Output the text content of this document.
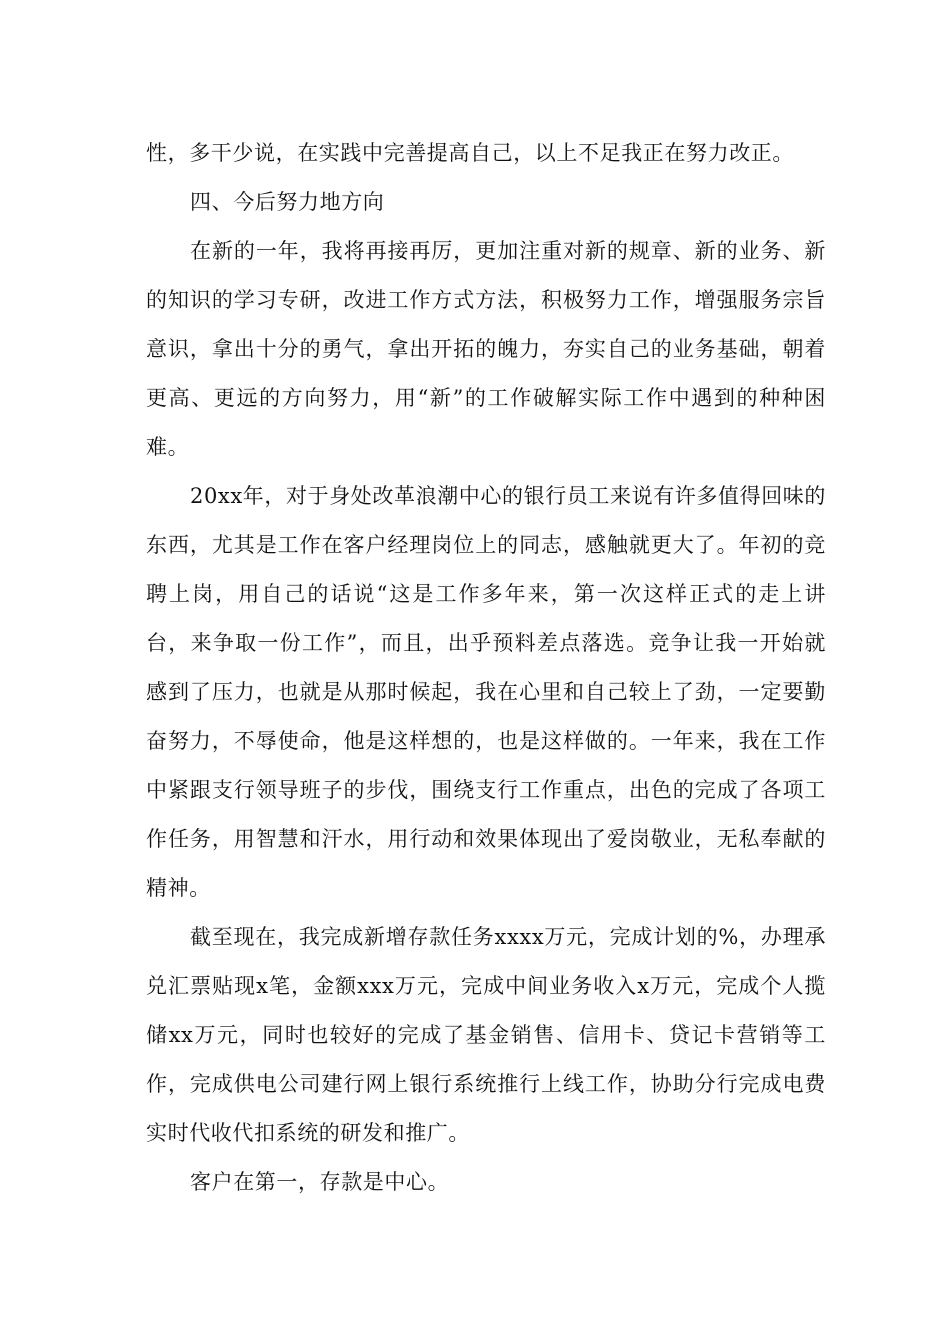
性，多干少说，在实践中完善提高自己，以上不足我正在努力改正。

四、今后努力地方向

在新的一年，我将再接再厉，更加注重对新的规章、新的业务、新的知识的学习专研，改进工作方式方法，积极努力工作，增强服务宗旨意识，拿出十分的勇气，拿出开拓的魄力，夯实自己的业务基础，朝着更高、更远的方向努力，用“新”的工作破解实际工作中遇到的种种困难。

20xx年，对于身处改革浪潮中心的银行员工来说有许多值得回味的东西，尤其是工作在客户经理岗位上的同志，感触就更大了。年初的竞聘上岗，用自己的话说“这是工作多年来，第一次这样正式的走上讲台，来争取一份工作”，而且，出乎预料差点落选。竞争让我一开始就感到了压力，也就是从那时候起，我在心里和自己较上了劲，一定要勤奋努力，不辱使命，他是这样想的，也是这样做的。一年来，我在工作中紧跟支行领导班子的步伐，围绕支行工作重点，出色的完成了各项工作任务，用智慧和汗水，用行动和效果体现出了爱岗敬业，无私奉献的精神。

截至现在，我完成新增存款任务xxxx万元，完成计划的%，办理承兑汇票贴现x笔，金额xxx万元，完成中间业务收入x万元，完成个人揽储xx万元，同时也较好的完成了基金销售、信用卡、贷记卡营销等工作，完成供电公司建行网上银行系统推行上线工作，协助分行完成电费实时代收代扣系统的研发和推广。

客户在第一，存款是中心。
